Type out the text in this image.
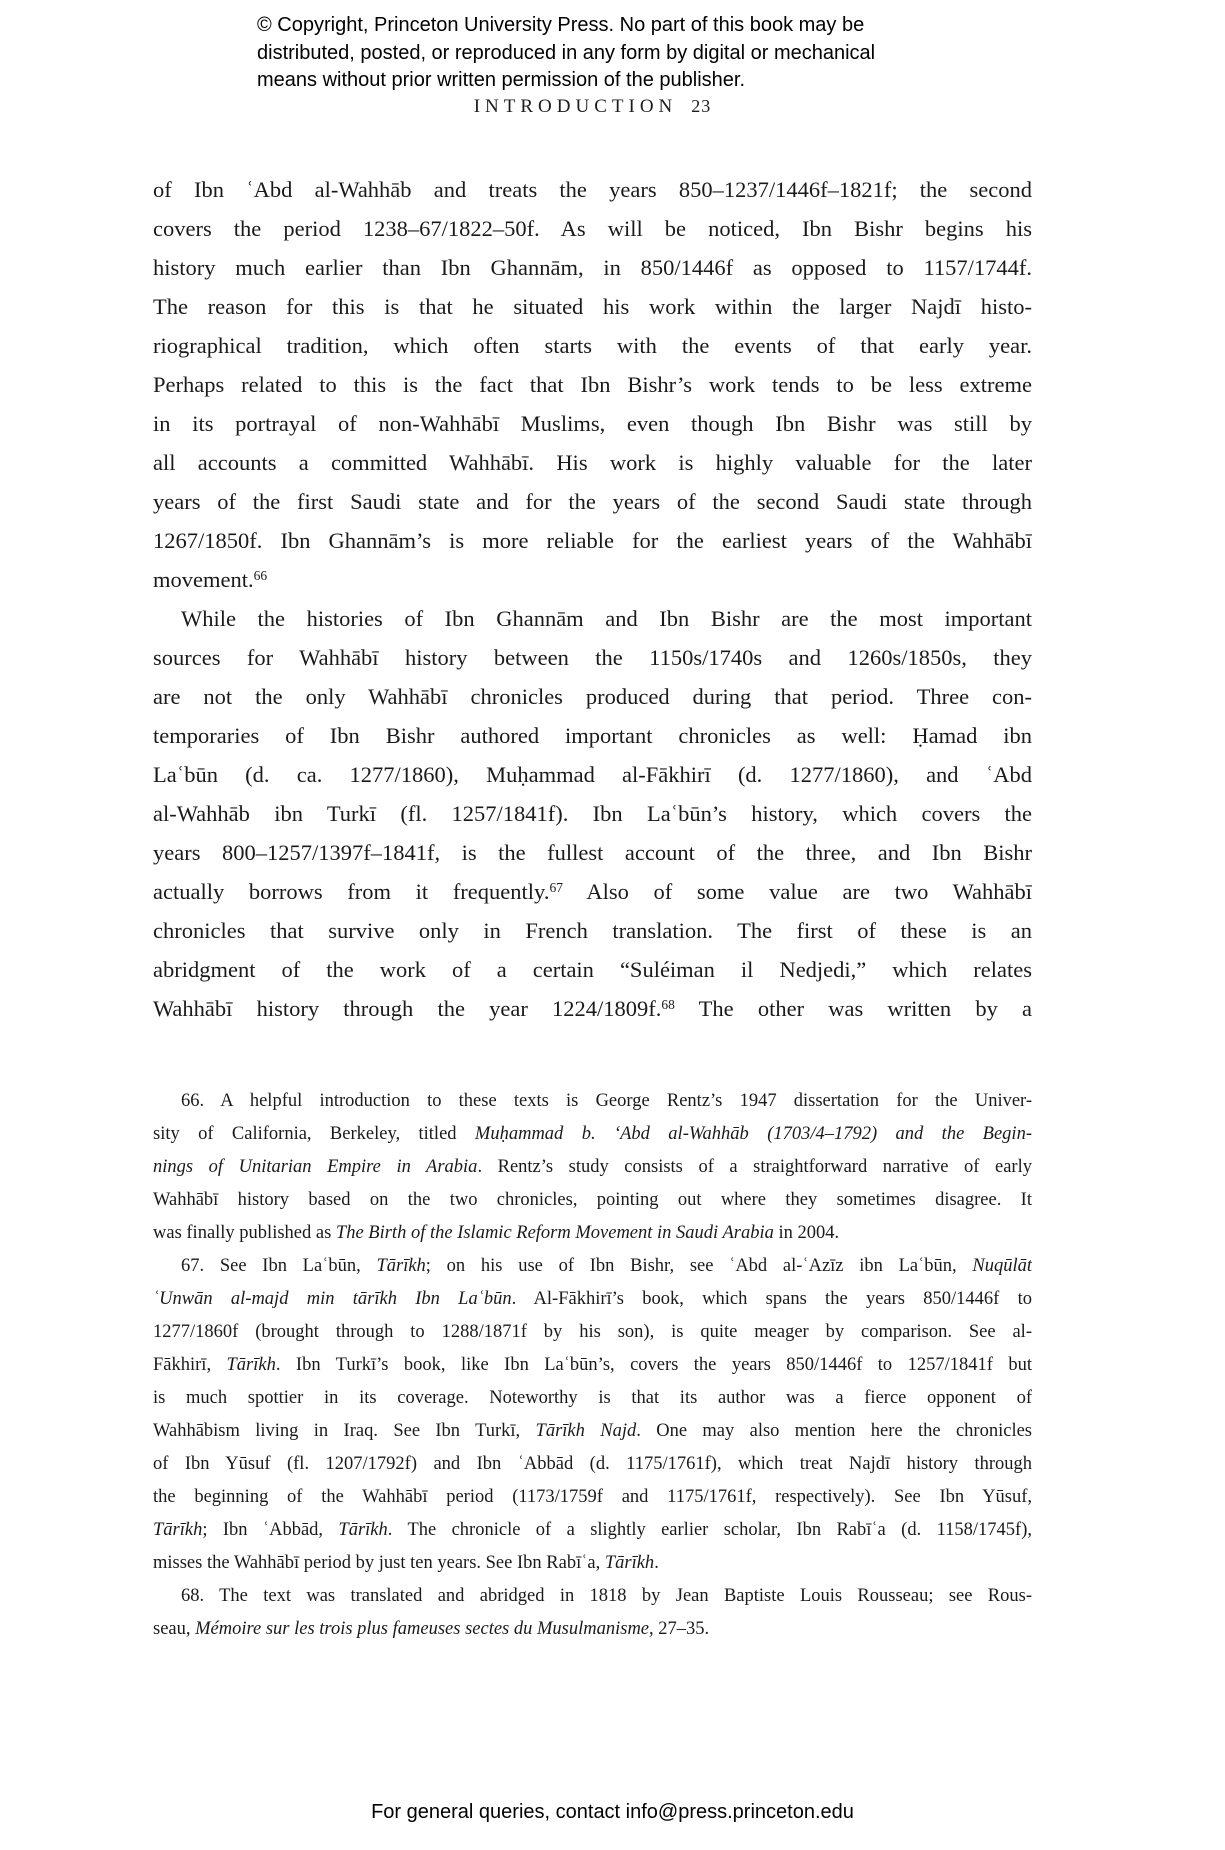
© Copyright, Princeton University Press. No part of this book may be
distributed, posted, or reproduced in any form by digital or mechanical
means without prior written permission of the publisher.
INTRODUCTION 23
of Ibn ʿAbd al-Wahhāb and treats the years 850–1237/1446f–1821f; the second
covers the period 1238–67/1822–50f. As will be noticed, Ibn Bishr begins his
history much earlier than Ibn Ghannām, in 850/1446f as opposed to 1157/1744f.
The reason for this is that he situated his work within the larger Najdī histo-
riographical tradition, which often starts with the events of that early year.
Perhaps related to this is the fact that Ibn Bishr’s work tends to be less extreme
in its portrayal of non-Wahhābī Muslims, even though Ibn Bishr was still by
all accounts a committed Wahhābī. His work is highly valuable for the later
years of the first Saudi state and for the years of the second Saudi state through
1267/1850f. Ibn Ghannām’s is more reliable for the earliest years of the Wahhābī
movement.$^{66}$
While the histories of Ibn Ghannām and Ibn Bishr are the most important
sources for Wahhābī history between the 1150s/1740s and 1260s/1850s, they
are not the only Wahhābī chronicles produced during that period. Three con-
temporaries of Ibn Bishr authored important chronicles as well: Ḥamad ibn
Laʿbūn (d. ca. 1277/1860), Muḥammad al-Fākhirī (d. 1277/1860), and ʿAbd
al-Wahhāb ibn Turkī (fl. 1257/1841f). Ibn Laʿbūn’s history, which covers the
years 800–1257/1397f–1841f, is the fullest account of the three, and Ibn Bishr
actually borrows from it frequently.$^{67}$ Also of some value are two Wahhābī
chronicles that survive only in French translation. The first of these is an
abridgment of the work of a certain “Suléiman il Nedjedi,” which relates
Wahhābī history through the year 1224/1809f.$^{68}$ The other was written by a
66. A helpful introduction to these texts is George Rentz’s 1947 dissertation for the Univer-
sity of California, Berkeley, titled Muḥammad b. ‘Abd al-Wahhāb (1703/4–1792) and the Begin-
nings of Unitarian Empire in Arabia. Rentz’s study consists of a straightforward narrative of early
Wahhābī history based on the two chronicles, pointing out where they sometimes disagree. It
was finally published as The Birth of the Islamic Reform Movement in Saudi Arabia in 2004.
67. See Ibn Laʿbūn, Tārīkh; on his use of Ibn Bishr, see ʿAbd al-ʿAzīz ibn Laʿbūn, Nuqūlāt
ʿUnwān al-majd min tārīkh Ibn Laʿbūn. Al-Fākhirī’s book, which spans the years 850/1446f to
1277/1860f (brought through to 1288/1871f by his son), is quite meager by comparison. See al-
Fākhirī, Tārīkh. Ibn Turkī’s book, like Ibn Laʿbūn’s, covers the years 850/1446f to 1257/1841f but
is much spottier in its coverage. Noteworthy is that its author was a fierce opponent of
Wahhābism living in Iraq. See Ibn Turkī, Tārīkh Najd. One may also mention here the chronicles
of Ibn Yūsuf (fl. 1207/1792f) and Ibn ʿAbbād (d. 1175/1761f), which treat Najdī history through
the beginning of the Wahhābī period (1173/1759f and 1175/1761f, respectively). See Ibn Yūsuf,
Tārīkh; Ibn ʿAbbād, Tārīkh. The chronicle of a slightly earlier scholar, Ibn Rabīʿa (d. 1158/1745f),
misses the Wahhābī period by just ten years. See Ibn Rabīʿa, Tārīkh.
68. The text was translated and abridged in 1818 by Jean Baptiste Louis Rousseau; see Rous-
seau, Mémoire sur les trois plus fameuses sectes du Musulmanisme, 27–35.
For general queries, contact info@press.princeton.edu
